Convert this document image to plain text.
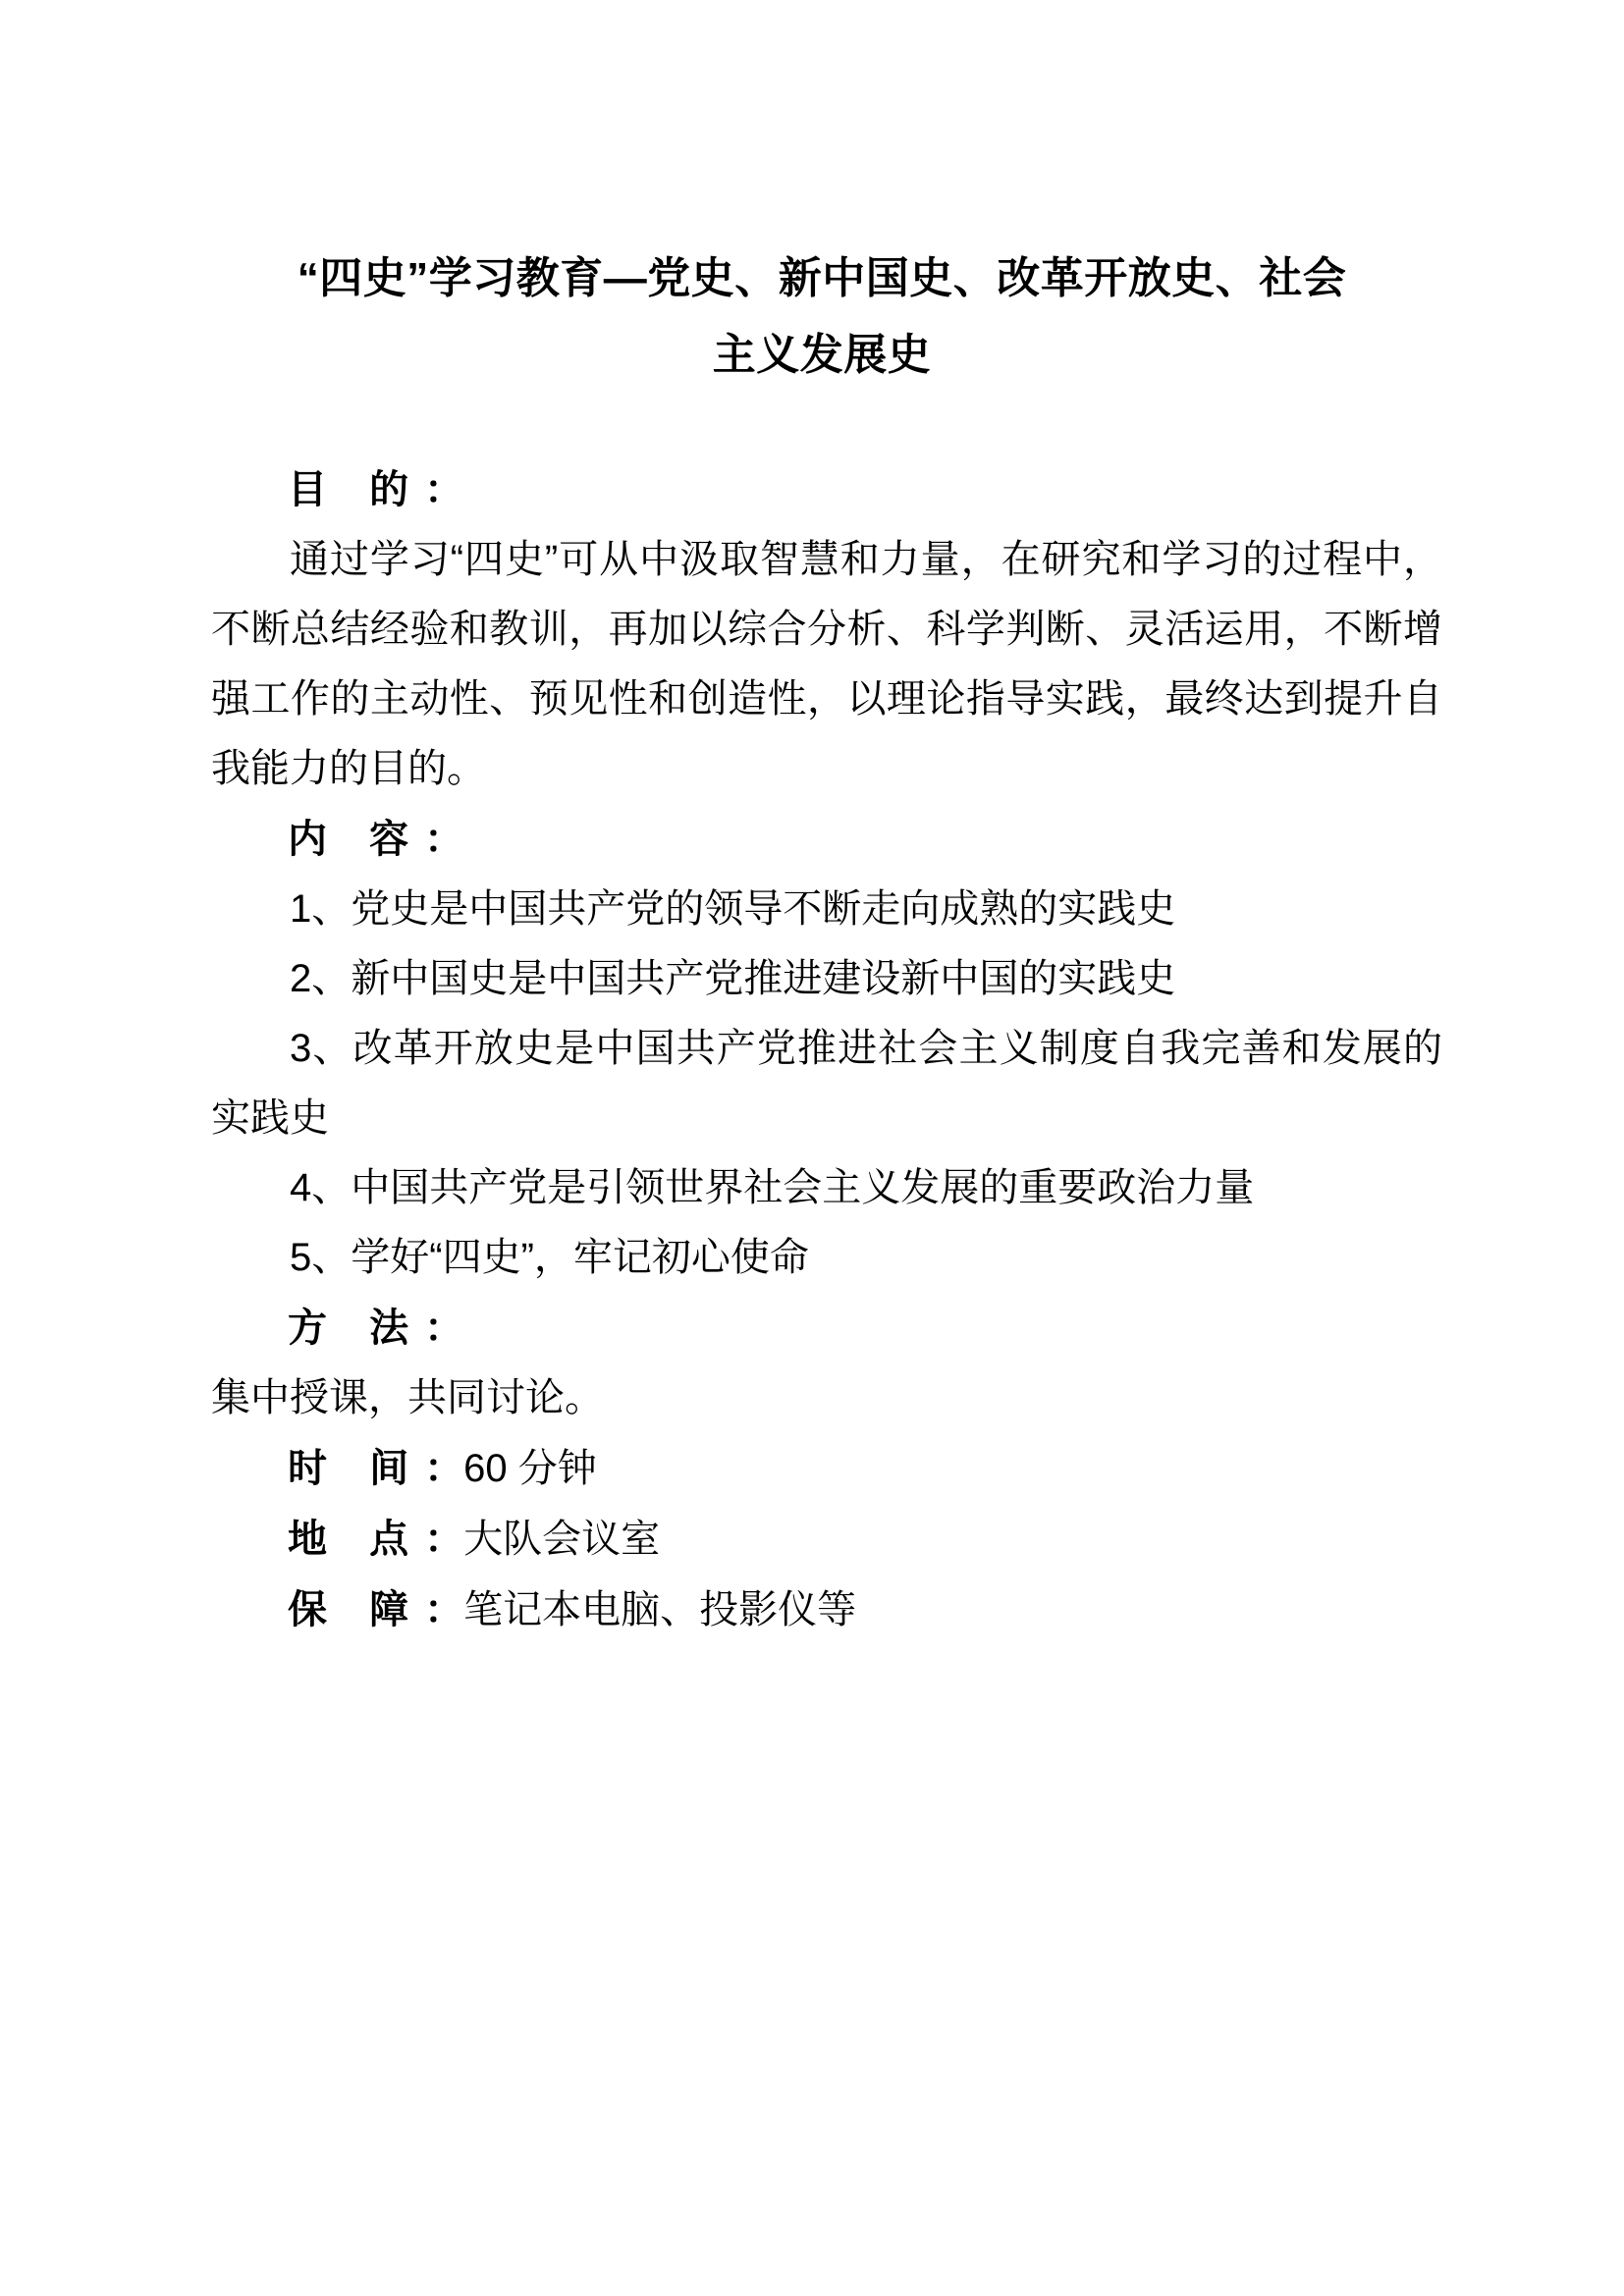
“四史”学习教育—党史、新中国史、改革开放史、社会
主义发展史

目 的：

通过学习“四史”可从中汲取智慧和力量，在研究和学习的过程中，不断总结经验和教训，再加以综合分析、科学判断、灵活运用，不断增强工作的主动性、预见性和创造性，以理论指导实践，最终达到提升自我能力的目的。

内 容：

1、党史是中国共产党的领导不断走向成熟的实践史

2、新中国史是中国共产党推进建设新中国的实践史

3、改革开放史是中国共产党推进社会主义制度自我完善和发展的实践史

4、中国共产党是引领世界社会主义发展的重要政治力量

5、学好“四史”，牢记初心使命

方 法：

集中授课，共同讨论。

时 间：60 分钟

地 点：大队会议室

保 障：笔记本电脑、投影仪等
